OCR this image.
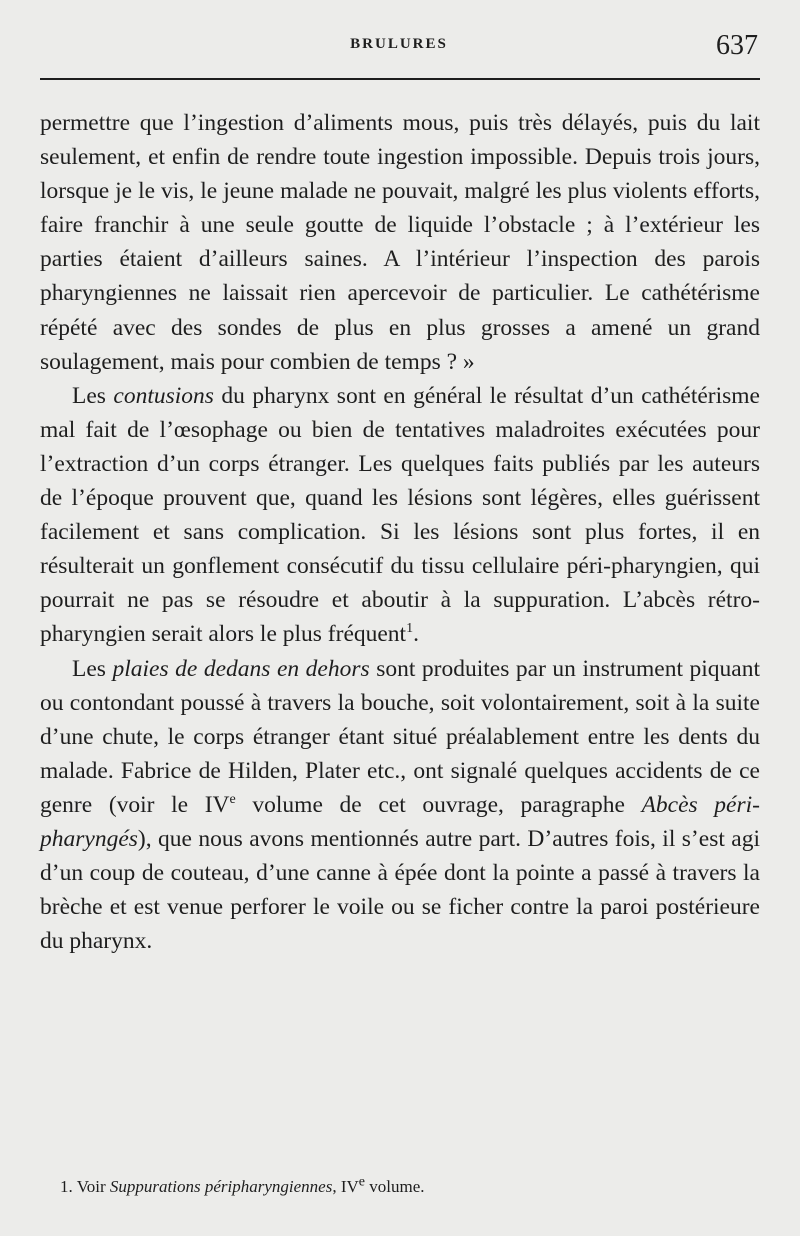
BRULURES	637

permettre que l’ingestion d’aliments mous, puis très délayés, puis du lait seulement, et enfin de rendre toute ingestion impossible. Depuis trois jours, lorsque je le vis, le jeune malade ne pouvait, malgré les plus violents efforts, faire franchir à une seule goutte de liquide l’obstacle ; à l’extérieur les parties étaient d’ailleurs saines. A l’intérieur l’inspection des parois pharyngiennes ne laissait rien apercevoir de particulier. Le cathétérisme répété avec des sondes de plus en plus grosses a amené un grand soulagement, mais pour combien de temps ? »

Les contusions du pharynx sont en général le résultat d’un cathétérisme mal fait de l’œsophage ou bien de tentatives maladroites exécutées pour l’extraction d’un corps étranger. Les quelques faits publiés par les auteurs de l’époque prouvent que, quand les lésions sont légères, elles guérissent facilement et sans complication. Si les lésions sont plus fortes, il en résulterait un gonflement consécutif du tissu cellulaire péri-pharyngien, qui pourrait ne pas se résoudre et aboutir à la suppuration. L’abcès rétro-pharyngien serait alors le plus fréquent$^1$.

Les plaies de dedans en dehors sont produites par un instrument piquant ou contondant poussé à travers la bouche, soit volontairement, soit à la suite d’une chute, le corps étranger étant situé préalablement entre les dents du malade. Fabrice de Hilden, Plater etc., ont signalé quelques accidents de ce genre (voir le IVe volume de cet ouvrage, paragraphe Abcès péri-pharyngés), que nous avons mentionnés autre part. D’autres fois, il s’est agi d’un coup de couteau, d’une canne à épée dont la pointe a passé à travers la brèche et est venue perforer le voile ou se ficher contre la paroi postérieure du pharynx.

1. Voir Suppurations péripharyngiennes, IVe volume.
